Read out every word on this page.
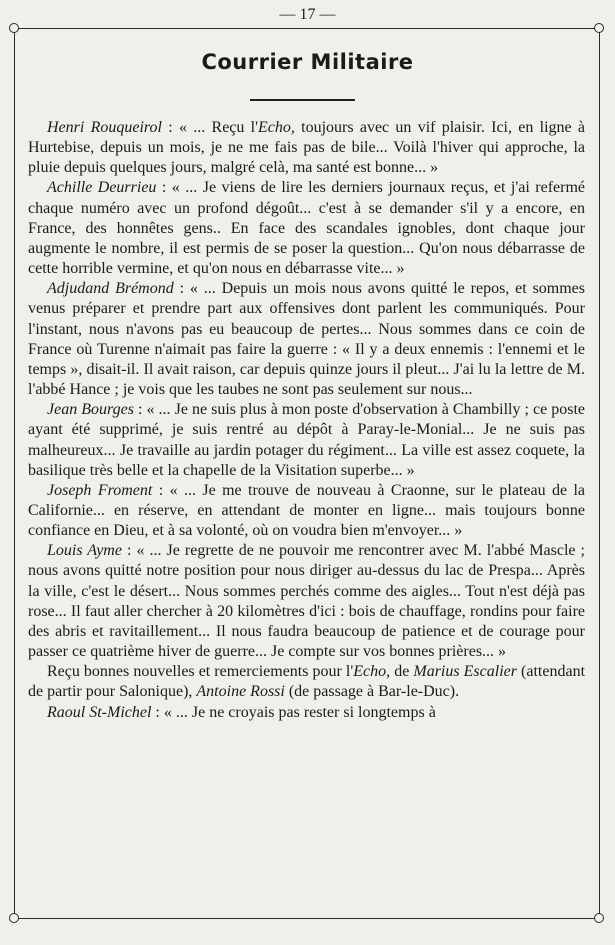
— 17 —
Courrier Militaire

Henri Rouqueirol : « ... Reçu l'Echo, toujours avec un vif plaisir. Ici, en ligne à Hurtebise, depuis un mois, je ne me fais pas de bile... Voilà l'hiver qui approche, la pluie depuis quelques jours, malgré celà, ma santé est bonne... »

Achille Deurrieu : « ... Je viens de lire les derniers journaux reçus, et j'ai refermé chaque numéro avec un profond dégoût... c'est à se demander s'il y a encore, en France, des honnêtes gens.. En face des scandales ignobles, dont chaque jour augmente le nombre, il est permis de se poser la question... Qu'on nous débarrasse de cette horrible vermine, et qu'on nous en débarrasse vite... »

Adjudand Brémond : « ... Depuis un mois nous avons quitté le repos, et sommes venus préparer et prendre part aux offensives dont parlent les communiqués. Pour l'instant, nous n'avons pas eu beaucoup de pertes... Nous sommes dans ce coin de France où Turenne n'aimait pas faire la guerre : « Il y a deux ennemis : l'ennemi et le temps », disait-il. Il avait raison, car depuis quinze jours il pleut... J'ai lu la lettre de M. l'abbé Hance ; je vois que les taubes ne sont pas seulement sur nous...

Jean Bourges : « ... Je ne suis plus à mon poste d'observation à Chambilly ; ce poste ayant été supprimé, je suis rentré au dépôt à Paray-le-Monial... Je ne suis pas malheureux... Je travaille au jardin potager du régiment... La ville est assez coquete, la basilique très belle et la chapelle de la Visitation superbe... »

Joseph Froment : « ... Je me trouve de nouveau à Craonne, sur le plateau de la Californie... en réserve, en attendant de monter en ligne... mais toujours bonne confiance en Dieu, et à sa volonté, où on voudra bien m'envoyer... »

Louis Ayme : « ... Je regrette de ne pouvoir me rencontrer avec M. l'abbé Mascle ; nous avons quitté notre position pour nous diriger au-dessus du lac de Prespa... Après la ville, c'est le désert... Nous sommes perchés comme des aigles... Tout n'est déjà pas rose... Il faut aller chercher à 20 kilomètres d'ici : bois de chauffage, rondins pour faire des abris et ravitaillement... Il nous faudra beaucoup de patience et de courage pour passer ce quatrième hiver de guerre... Je compte sur vos bonnes prières... »

Reçu bonnes nouvelles et remerciements pour l'Echo, de Marius Escalier (attendant de partir pour Salonique), Antoine Rossi (de passage à Bar-le-Duc).

Raoul St-Michel : « ... Je ne croyais pas rester si longtemps à
